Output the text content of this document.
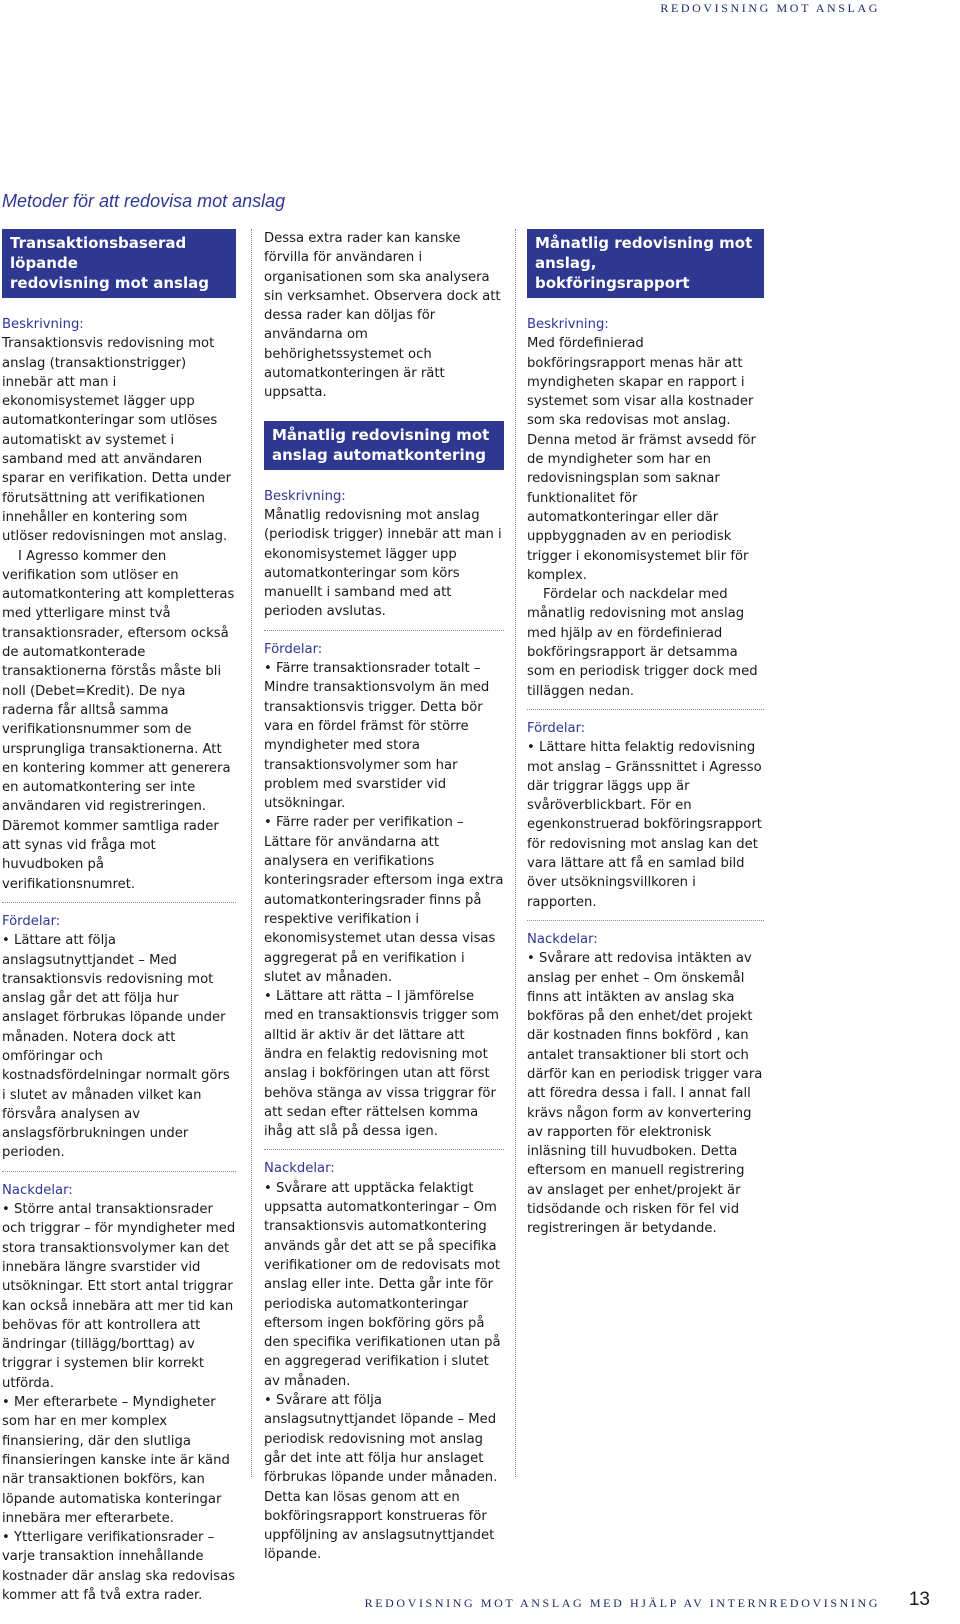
REDOVISNING MOT ANSLAG
Metoder för att redovisa mot anslag
Transaktionsbaserad löpande
redovisning mot anslag

Beskrivning:

Transaktionsvis redovisning mot anslag (transaktionstrigger) innebär att man i ekonomisystemet lägger upp automatkonteringar som utlöses automatiskt av systemet i samband med att användaren sparar en verifikation. Detta under förutsättning att verifikationen innehåller en kontering som utlöser redovisningen mot anslag.

I Agresso kommer den verifikation som utlöser en automatkontering att kompletteras med ytterligare minst två transaktionsrader, eftersom också de automatkonterade transaktionerna förstås måste bli noll (Debet=Kredit). De nya raderna får alltså samma verifikationsnummer som de ursprungliga transaktionerna. Att en kontering kommer att generera en automatkontering ser inte användaren vid registreringen. Däremot kommer samtliga rader att synas vid fråga mot huvudboken på verifikationsnumret.

Fördelar:

• Lättare att följa anslagsutnyttjandet – Med transaktionsvis redovisning mot anslag går det att följa hur anslaget förbrukas löpande under månaden. Notera dock att omföringar och kostnadsfördelningar normalt görs i slutet av månaden vilket kan försvåra analysen av anslagsförbrukningen under perioden.

Nackdelar:

• Större antal transaktionsrader och triggrar – för myndigheter med stora transaktionsvolymer kan det innebära längre svarstider vid utsökningar. Ett stort antal triggrar kan också innebära att mer tid kan behövas för att kontrollera att ändringar (tillägg/borttag) av triggrar i systemen blir korrekt utförda.

• Mer efterarbete – Myndigheter som har en mer komplex finansiering, där den slutliga finansieringen kanske inte är känd när transaktionen bokförs, kan löpande automatiska konteringar innebära mer efterarbete.

• Ytterligare verifikationsrader – varje transaktion innehållande kostnader där anslag ska redovisas kommer att få två extra rader.

Dessa extra rader kan kanske förvilla för användaren i organisationen som ska analysera sin verksamhet. Observera dock att dessa rader kan döljas för användarna om behörighetssystemet och automatkonteringen är rätt uppsatta.

Månatlig redovisning mot
anslag automatkontering

Beskrivning:

Månatlig redovisning mot anslag (periodisk trigger) innebär att man i ekonomisystemet lägger upp automatkonteringar som körs manuellt i samband med att perioden avslutas.

Fördelar:

• Färre transaktionsrader totalt – Mindre transaktionsvolym än med transaktionsvis trigger. Detta bör vara en fördel främst för större myndigheter med stora transaktionsvolymer som har problem med svarstider vid utsökningar.

• Färre rader per verifikation – Lättare för användarna att analysera en verifikations konteringsrader eftersom inga extra automatkonteringsrader finns på respektive verifikation i ekonomisystemet utan dessa visas aggregerat på en verifikation i slutet av månaden.

• Lättare att rätta – I jämförelse med en transaktionsvis trigger som alltid är aktiv är det lättare att ändra en felaktig redovisning mot anslag i bokföringen utan att först behöva stänga av vissa triggrar för att sedan efter rättelsen komma ihåg att slå på dessa igen.

Nackdelar:

• Svårare att upptäcka felaktigt uppsatta automatkonteringar – Om transaktionsvis automatkontering används går det att se på specifika verifikationer om de redovisats mot anslag eller inte. Detta går inte för periodiska automatkonteringar eftersom ingen bokföring görs på den specifika verifikationen utan på en aggregerad verifikation i slutet av månaden.

• Svårare att följa anslagsutnyttjandet löpande – Med periodisk redovisning mot anslag går det inte att följa hur anslaget förbrukas löpande under månaden. Detta kan lösas genom att en bokföringsrapport konstrueras för uppföljning av anslagsutnyttjandet löpande.

Månatlig redovisning mot
anslag, bokföringsrapport

Beskrivning:

Med fördefinierad bokföringsrapport menas här att myndigheten skapar en rapport i systemet som visar alla kostnader som ska redovisas mot anslag. Denna metod är främst avsedd för de myndigheter som har en redovisningsplan som saknar funktionalitet för automatkonteringar eller där uppbyggnaden av en periodisk trigger i ekonomisystemet blir för komplex.

Fördelar och nackdelar med månatlig redovisning mot anslag med hjälp av en fördefinierad bokföringsrapport är detsamma som en periodisk trigger dock med tilläggen nedan.

Fördelar:

• Lättare hitta felaktig redovisning mot anslag – Gränssnittet i Agresso där triggrar läggs upp är svåröverblickbart. För en egenkonstruerad bokföringsrapport för redovisning mot anslag kan det vara lättare att få en samlad bild över utsökningsvillkoren i rapporten.

Nackdelar:

• Svårare att redovisa intäkten av anslag per enhet – Om önskemål finns att intäkten av anslag ska bokföras på den enhet/det projekt där kostnaden finns bokförd , kan antalet transaktioner bli stort och därför kan en periodisk trigger vara att föredra dessa i fall. I annat fall krävs någon form av konvertering av rapporten för elektronisk inläsning till huvudboken. Detta eftersom en manuell registrering av anslaget per enhet/projekt är tidsödande och risken för fel vid registreringen är betydande.

REDOVISNING MOT ANSLAG MED HJÄLP AV INTERNREDOVISNING 13
